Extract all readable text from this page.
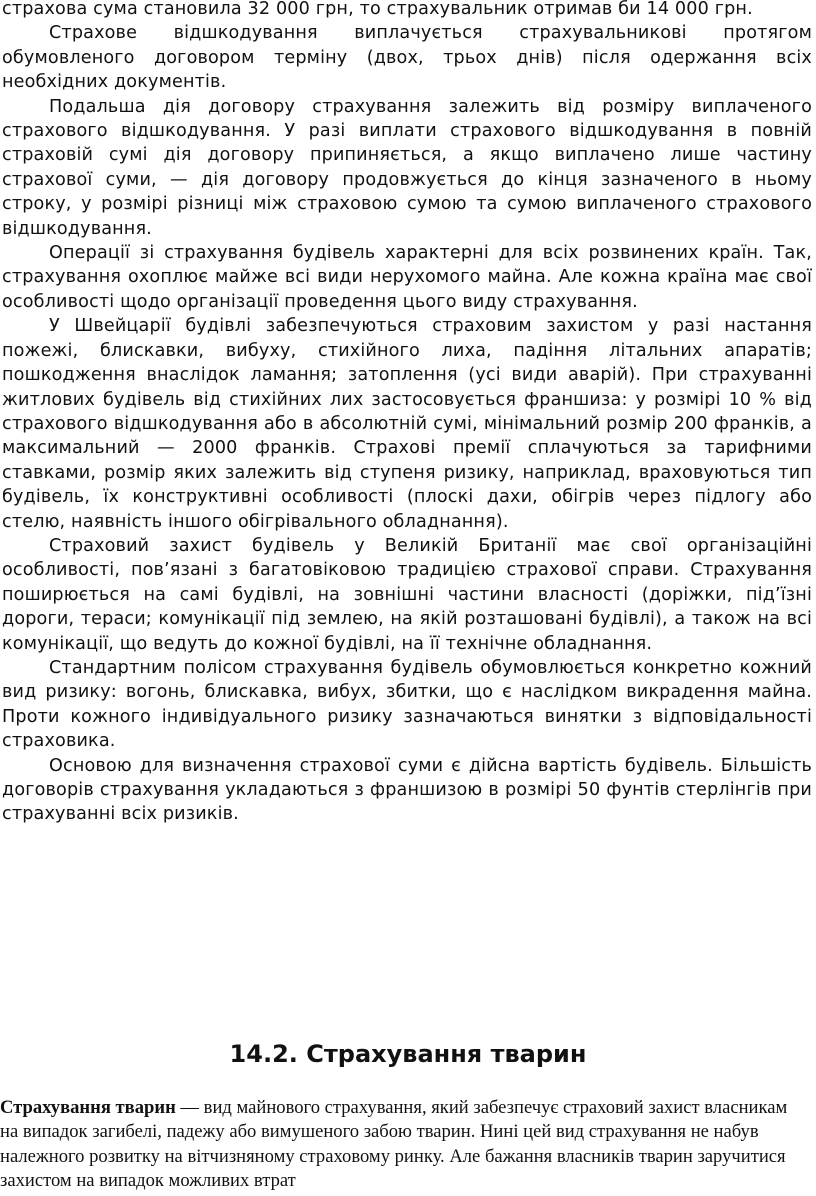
страхова сума становила 32 000 грн, то страхувальник отримав би 14 000 грн.

Страхове відшкодування виплачується страхувальникові протягом обумовленого договором терміну (двох, трьох днів) після одержання всіх необхідних документів.

Подальша дія договору страхування залежить від розміру виплаченого страхового відшкодування. У разі виплати страхового відшкодування в повній страховій сумі дія договору припиняється, а якщо виплачено лише частину страхової суми, — дія договору продовжується до кінця зазначеного в ньому строку, у розмірі різниці між страховою сумою та сумою виплаченого страхового відшкодування.

Операції зі страхування будівель характерні для всіх розвинених країн. Так, страхування охоплює майже всі види нерухомого майна. Але кожна країна має свої особливості щодо організації проведення цього виду страхування.

У Швейцарії будівлі забезпечуються страховим захистом у разі настання пожежі, блискавки, вибуху, стихійного лиха, падіння літальних апаратів; пошкодження внаслідок ламання; затоплення (усі види аварій). При страхуванні житлових будівель від стихійних лих застосовується франшиза: у розмірі 10 % від страхового відшкодування або в абсолютній сумі, мінімальний розмір 200 франків, а максимальний — 2000 франків. Страхові премії сплачуються за тарифними ставками, розмір яких залежить від ступеня ризику, наприклад, враховуються тип будівель, їх конструктивні особливості (плоскі дахи, обігрів через підлогу або стелю, наявність іншого обігрівального обладнання).

Страховий захист будівель у Великій Британії має свої організаційні особливості, пов’язані з багатовіковою традицією страхової справи. Страхування поширюється на самі будівлі, на зовнішні частини власності (доріжки, під’їзні дороги, тераси; комунікації під землею, на якій розташовані будівлі), а також на всі комунікації, що ведуть до кожної будівлі, на її технічне обладнання.

Стандартним полісом страхування будівель обумовлюється конкретно кожний вид ризику: вогонь, блискавка, вибух, збитки, що є наслідком викрадення майна. Проти кожного індивідуального ризику зазначаються винятки з відповідальності страховика.

Основою для визначення страхової суми є дійсна вартість будівель. Більшість договорів страхування укладаються з франшизою в розмірі 50 фунтів стерлінгів при страхуванні всіх ризиків.

14.2. Страхування тварин

Страхування тварин — вид майнового страхування, який забезпечує страховий захист власникам на випадок загибелі, падежу або вимушеного забою тварин. Нині цей вид страхування не набув належного розвитку на вітчизняному страховому ринку. Але бажання власників тварин заручитися захистом на випадок можливих втрат
